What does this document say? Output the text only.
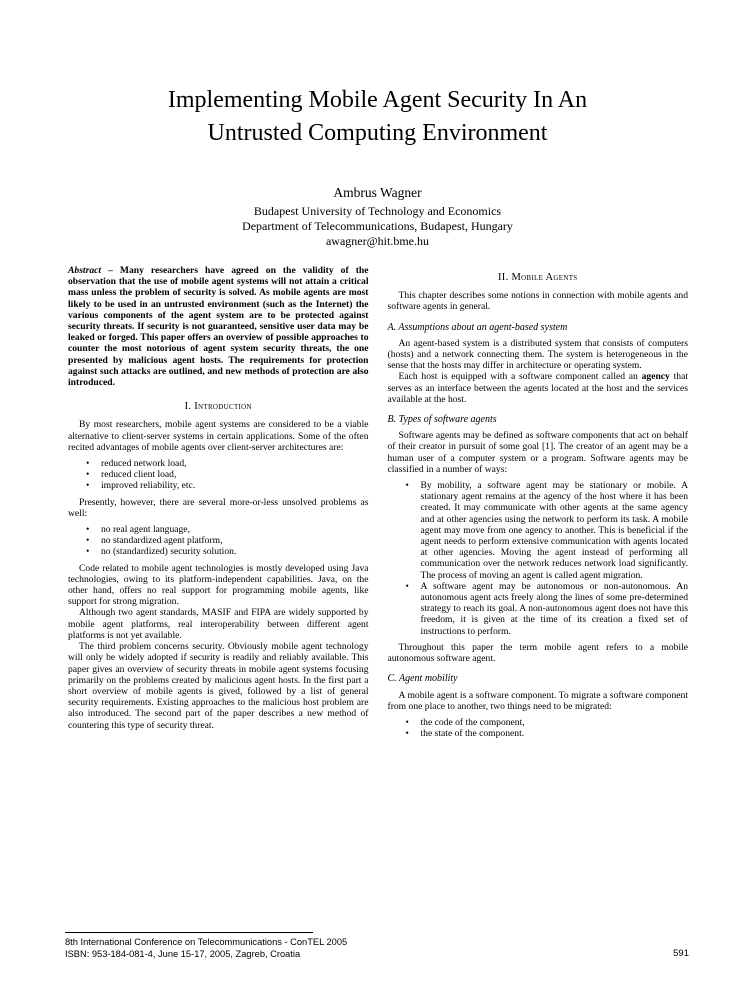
Implementing Mobile Agent Security In An
Untrusted Computing Environment
Ambrus Wagner
Budapest University of Technology and Economics
Department of Telecommunications, Budapest, Hungary
awagner@hit.bme.hu

Abstract – Many researchers have agreed on the validity of the observation that the use of mobile agent systems will not attain a critical mass unless the problem of security is solved. As mobile agents are most likely to be used in an untrusted environment (such as the Internet) the various components of the agent system are to be protected against security threats. If security is not guaranteed, sensitive user data may be leaked or forged. This paper offers an overview of possible approaches to counter the most notorious of agent system security threats, the one presented by malicious agent hosts. The requirements for protection against such attacks are outlined, and new methods of protection are also introduced.

I. Introduction

By most researchers, mobile agent systems are considered to be a viable alternative to client-server systems in certain applications. Some of the often recited advantages of mobile agents over client-server architectures are:

• reduced network load,
• reduced client load,
• improved reliability, etc.

Presently, however, there are several more-or-less unsolved problems as well:

• no real agent language,
• no standardized agent platform,
• no (standardized) security solution.

Code related to mobile agent technologies is mostly developed using Java technologies, owing to its platform-independent capabilities. Java, on the other hand, offers no real support for programming mobile agents, like support for strong migration.

Although two agent standards, MASIF and FIPA are widely supported by mobile agent platforms, real interoperability between different agent platforms is not yet available.

The third problem concerns security. Obviously mobile agent technology will only be widely adopted if security is readily and reliably available. This paper gives an overview of security threats in mobile agent systems focusing primarily on the problems created by malicious agent hosts. In the first part a short overview of mobile agents is gived, followed by a list of general security requirements. Existing approaches to the malicious host problem are also introduced. The second part of the paper describes a new method of countering this type of security threat.

II. Mobile Agents

This chapter describes some notions in connection with mobile agents and software agents in general.

A. Assumptions about an agent-based system

An agent-based system is a distributed system that consists of computers (hosts) and a network connecting them. The system is heterogeneous in the sense that the hosts may differ in architecture or operating system.

Each host is equipped with a software component called an agency that serves as an interface between the agents located at the host and the services available at the host.

B. Types of software agents

Software agents may be defined as software components that act on behalf of their creator in pursuit of some goal [1]. The creator of an agent may be a human user of a computer system or a program. Software agents may be classified in a number of ways:

• By mobility, a software agent may be stationary or mobile. A stationary agent remains at the agency of the host where it has been created. It may communicate with other agents at the same agency and at other agencies using the network to perform its task. A mobile agent may move from one agency to another. This is beneficial if the agent needs to perform extensive communication with agents located at other agencies. Moving the agent instead of performing all communication over the network reduces network load significantly. The process of moving an agent is called agent migration.
• A software agent may be autonomous or non-autonomous. An autonomous agent acts freely along the lines of some pre-determined strategy to reach its goal. A non-autonomous agent does not have this freedom, it is given at the time of its creation a fixed set of instructions to perform.

Throughout this paper the term mobile agent refers to a mobile autonomous software agent.

C. Agent mobility

A mobile agent is a software component. To migrate a software component from one place to another, two things need to be migrated:

• the code of the component,
• the state of the component.
8th International Conference on Telecommunications - ConTEL 2005
ISBN: 953-184-081-4, June 15-17, 2005, Zagreb, Croatia	591
